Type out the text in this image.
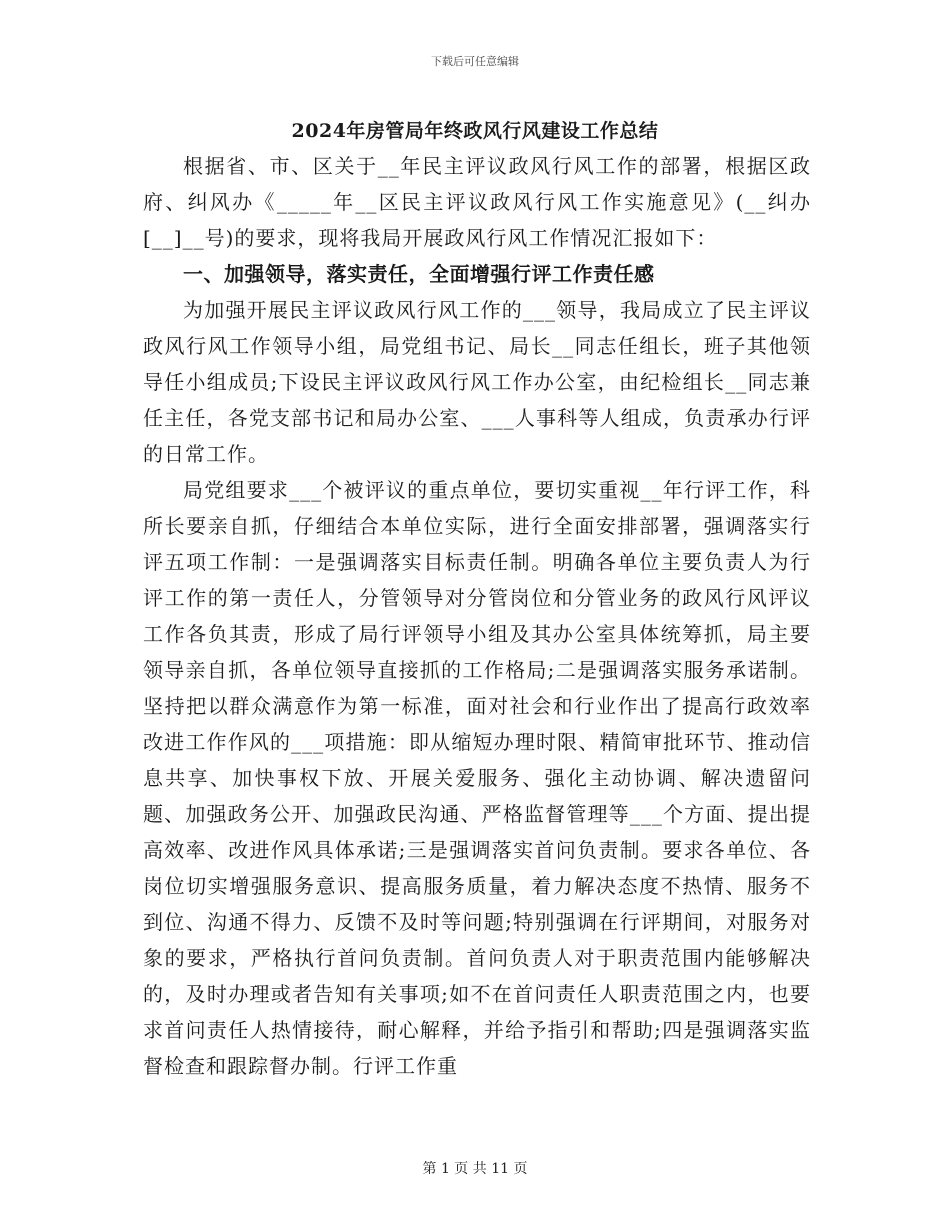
下载后可任意编辑
2024年房管局年终政风行风建设工作总结

根据省、市、区关于__年民主评议政风行风工作的部署，根据区政府、纠风办《_____年__区民主评议政风行风工作实施意见》(__纠办[__]__号)的要求，现将我局开展政风行风工作情况汇报如下：

一、加强领导，落实责任，全面增强行评工作责任感

为加强开展民主评议政风行风工作的___领导，我局成立了民主评议政风行风工作领导小组，局党组书记、局长__同志任组长，班子其他领导任小组成员;下设民主评议政风行风工作办公室，由纪检组长__同志兼任主任，各党支部书记和局办公室、___人事科等人组成，负责承办行评的日常工作。

局党组要求___个被评议的重点单位，要切实重视__年行评工作，科所长要亲自抓，仔细结合本单位实际，进行全面安排部署，强调落实行评五项工作制：一是强调落实目标责任制。明确各单位主要负责人为行评工作的第一责任人，分管领导对分管岗位和分管业务的政风行风评议工作各负其责，形成了局行评领导小组及其办公室具体统筹抓，局主要领导亲自抓，各单位领导直接抓的工作格局;二是强调落实服务承诺制。坚持把以群众满意作为第一标准，面对社会和行业作出了提高行政效率改进工作作风的___项措施：即从缩短办理时限、精简审批环节、推动信息共享、加快事权下放、开展关爱服务、强化主动协调、解决遗留问题、加强政务公开、加强政民沟通、严格监督管理等___个方面、提出提高效率、改进作风具体承诺;三是强调落实首问负责制。要求各单位、各岗位切实增强服务意识、提高服务质量，着力解决态度不热情、服务不到位、沟通不得力、反馈不及时等问题;特别强调在行评期间，对服务对象的要求，严格执行首问负责制。首问负责人对于职责范围内能够解决的，及时办理或者告知有关事项;如不在首问责任人职责范围之内，也要求首问责任人热情接待，耐心解释，并给予指引和帮助;四是强调落实监督检查和跟踪督办制。行评工作重

第 1 页 共 11 页
